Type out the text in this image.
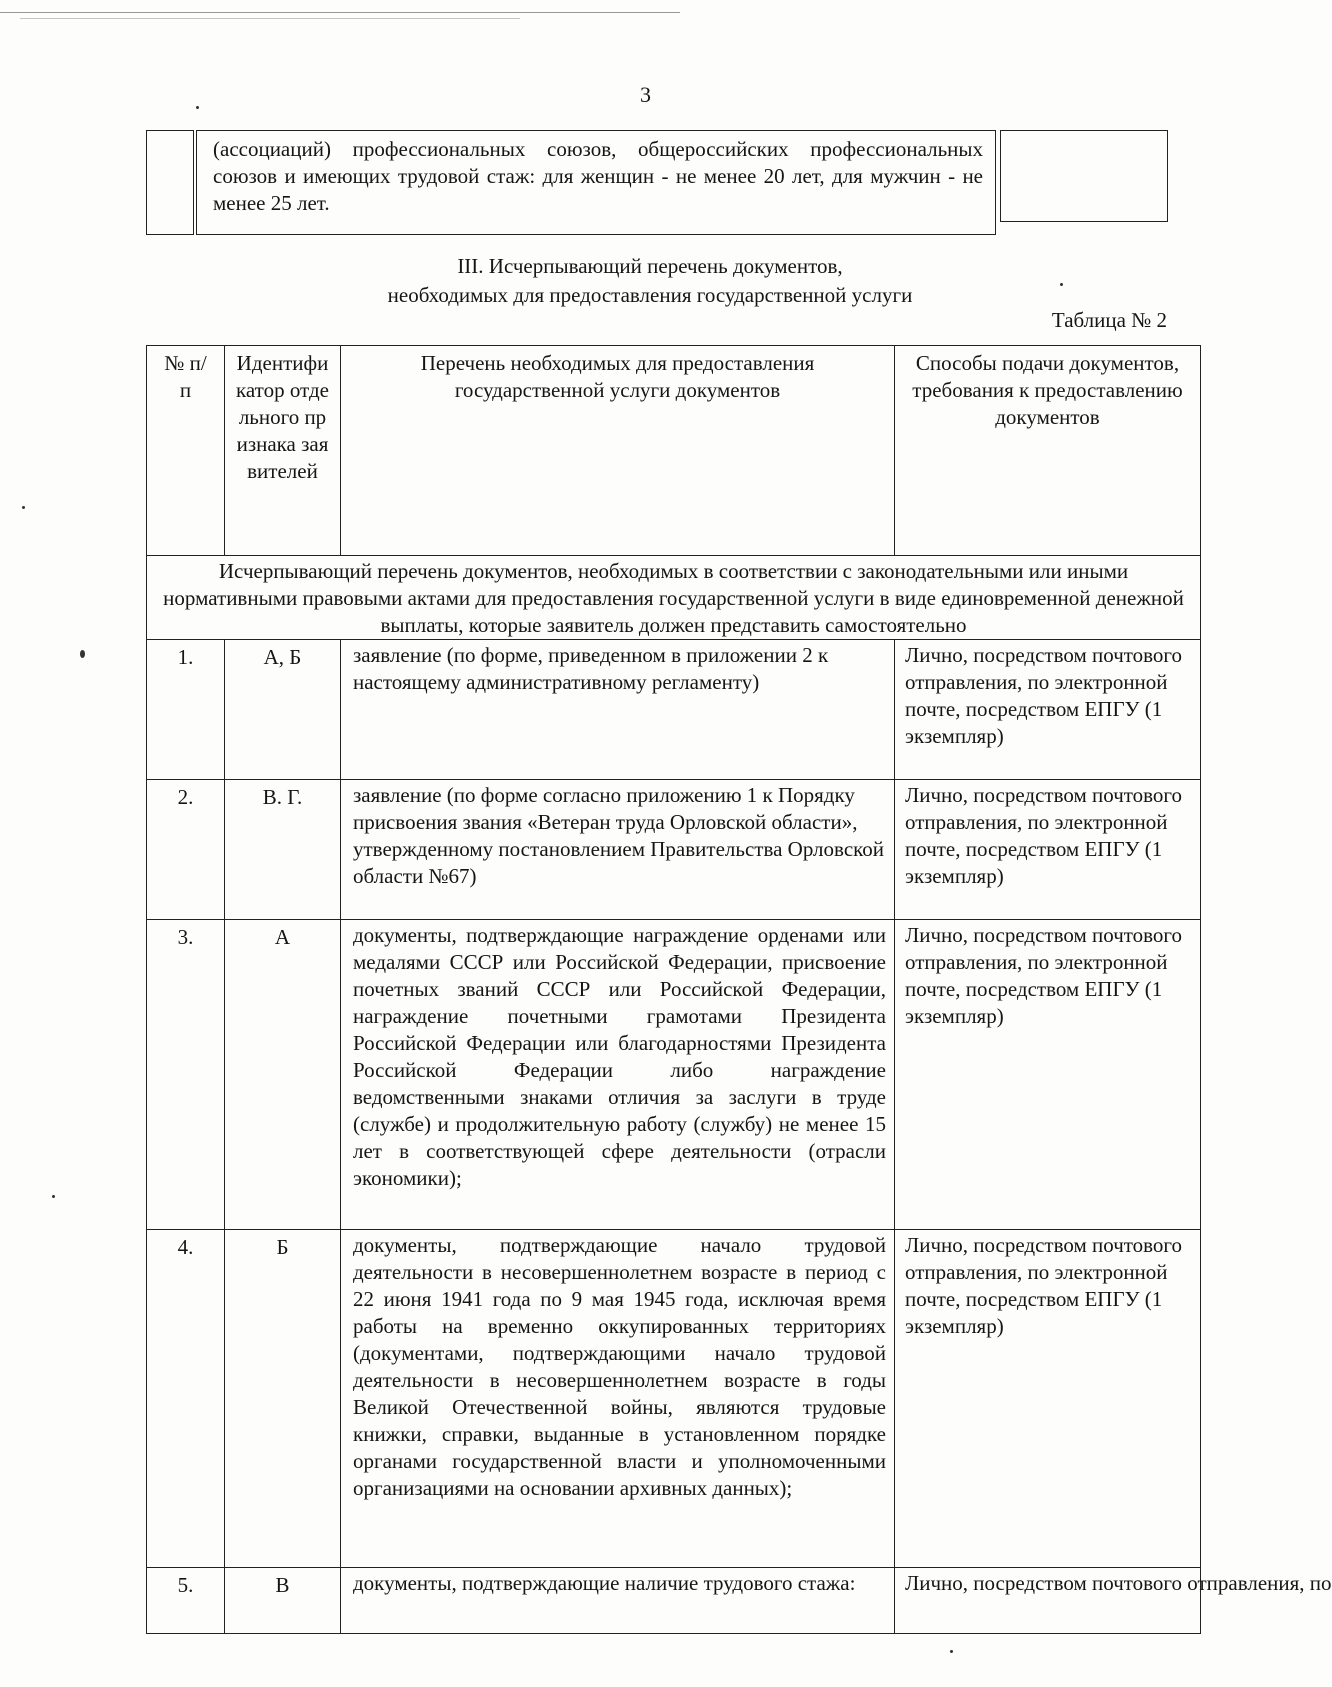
3
(ассоциаций) профессиональных союзов, общероссийских профессиональных союзов и имеющих трудовой стаж: для женщин - не менее 20 лет, для мужчин - не менее 25 лет.
III. Исчерпывающий перечень документов,
необходимых для предоставления государственной услуги
Таблица № 2
№ п/п	Идентификатор отдельного признака заявителей	Перечень необходимых для предоставления государственной услуги документов	Способы подачи документов, требования к предоставлению документов
Исчерпывающий перечень документов, необходимых в соответствии с законодательными или иными нормативными правовыми актами для предоставления государственной услуги в виде единовременной денежной выплаты, которые заявитель должен представить самостоятельно			
1.	А, Б	заявление (по форме, приведенном в приложении 2 к настоящему административному регламенту)	Лично, посредством почтового отправления, по электронной почте, посредством ЕПГУ (1 экземпляр)
2.	В. Г.	заявление (по форме согласно приложению 1 к Порядку присвоения звания «Ветеран труда Орловской области», утвержденному постановлением Правительства Орловской области №67)	Лично, посредством почтового отправления, по электронной почте, посредством ЕПГУ (1 экземпляр)
3.	А	документы, подтверждающие награждение орденами или медалями СССР или Российской Федерации, присвоение почетных званий СССР или Российской Федерации, награждение почетными грамотами Президента Российской Федерации или благодарностями Президента Российской Федерации либо награждение ведомственными знаками отличия за заслуги в труде (службе) и продолжительную работу (службу) не менее 15 лет в соответствующей сфере деятельности (отрасли экономики);	Лично, посредством почтового отправления, по электронной почте, посредством ЕПГУ (1 экземпляр)
4.	Б	документы, подтверждающие начало трудовой деятельности в несовершеннолетнем возрасте в период с 22 июня 1941 года по 9 мая 1945 года, исключая время работы на временно оккупированных территориях (документами, подтверждающими начало трудовой деятельности в несовершеннолетнем возрасте в годы Великой Отечественной войны, являются трудовые книжки, справки, выданные в установленном порядке органами государственной власти и уполномоченными организациями на основании архивных данных);	Лично, посредством почтового отправления, по электронной почте, посредством ЕПГУ (1 экземпляр)
5.	В	документы, подтверждающие наличие трудового стажа:	Лично, посредством почтового отправления, по
